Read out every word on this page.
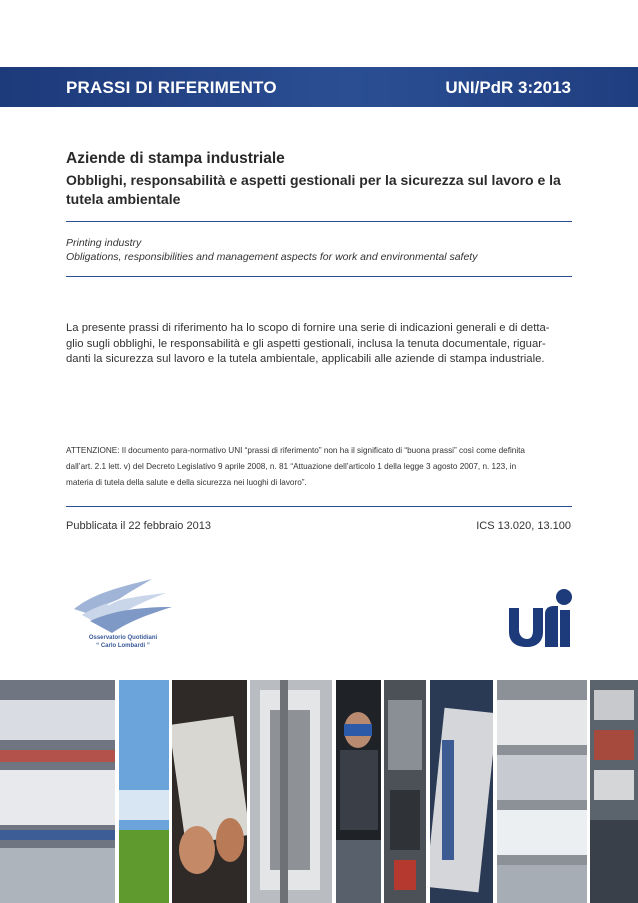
PRASSI DI RIFERIMENTO	UNI/PdR 3:2013
Aziende di stampa industriale
Obblighi, responsabilità e aspetti gestionali per la sicurezza sul lavoro e la tutela ambientale
Printing industry
Obligations, responsibilities and management aspects for work and environmental safety
La presente prassi di riferimento ha lo scopo di fornire una serie di indicazioni generali e di detta-
glio sugli obblighi, le responsabilità e gli aspetti gestionali, inclusa la tenuta documentale, riguar-
danti la sicurezza sul lavoro e la tutela ambientale, applicabili alle aziende di stampa industriale.
ATTENZIONE: Il documento para-normativo UNI “prassi di riferimento” non ha il significato di “buona prassi” così come definita
dall’art. 2.1 lett. v) del Decreto Legislativo 9 aprile 2008, n. 81 “Attuazione dell’articolo 1 della legge 3 agosto 2007, n. 123, in
materia di tutela della salute e della sicurezza nei luoghi di lavoro”.
Pubblicata il 22 febbraio 2013	ICS 13.020, 13.100
Osservatorio Quotidiani
“ Carlo Lombardi ”
